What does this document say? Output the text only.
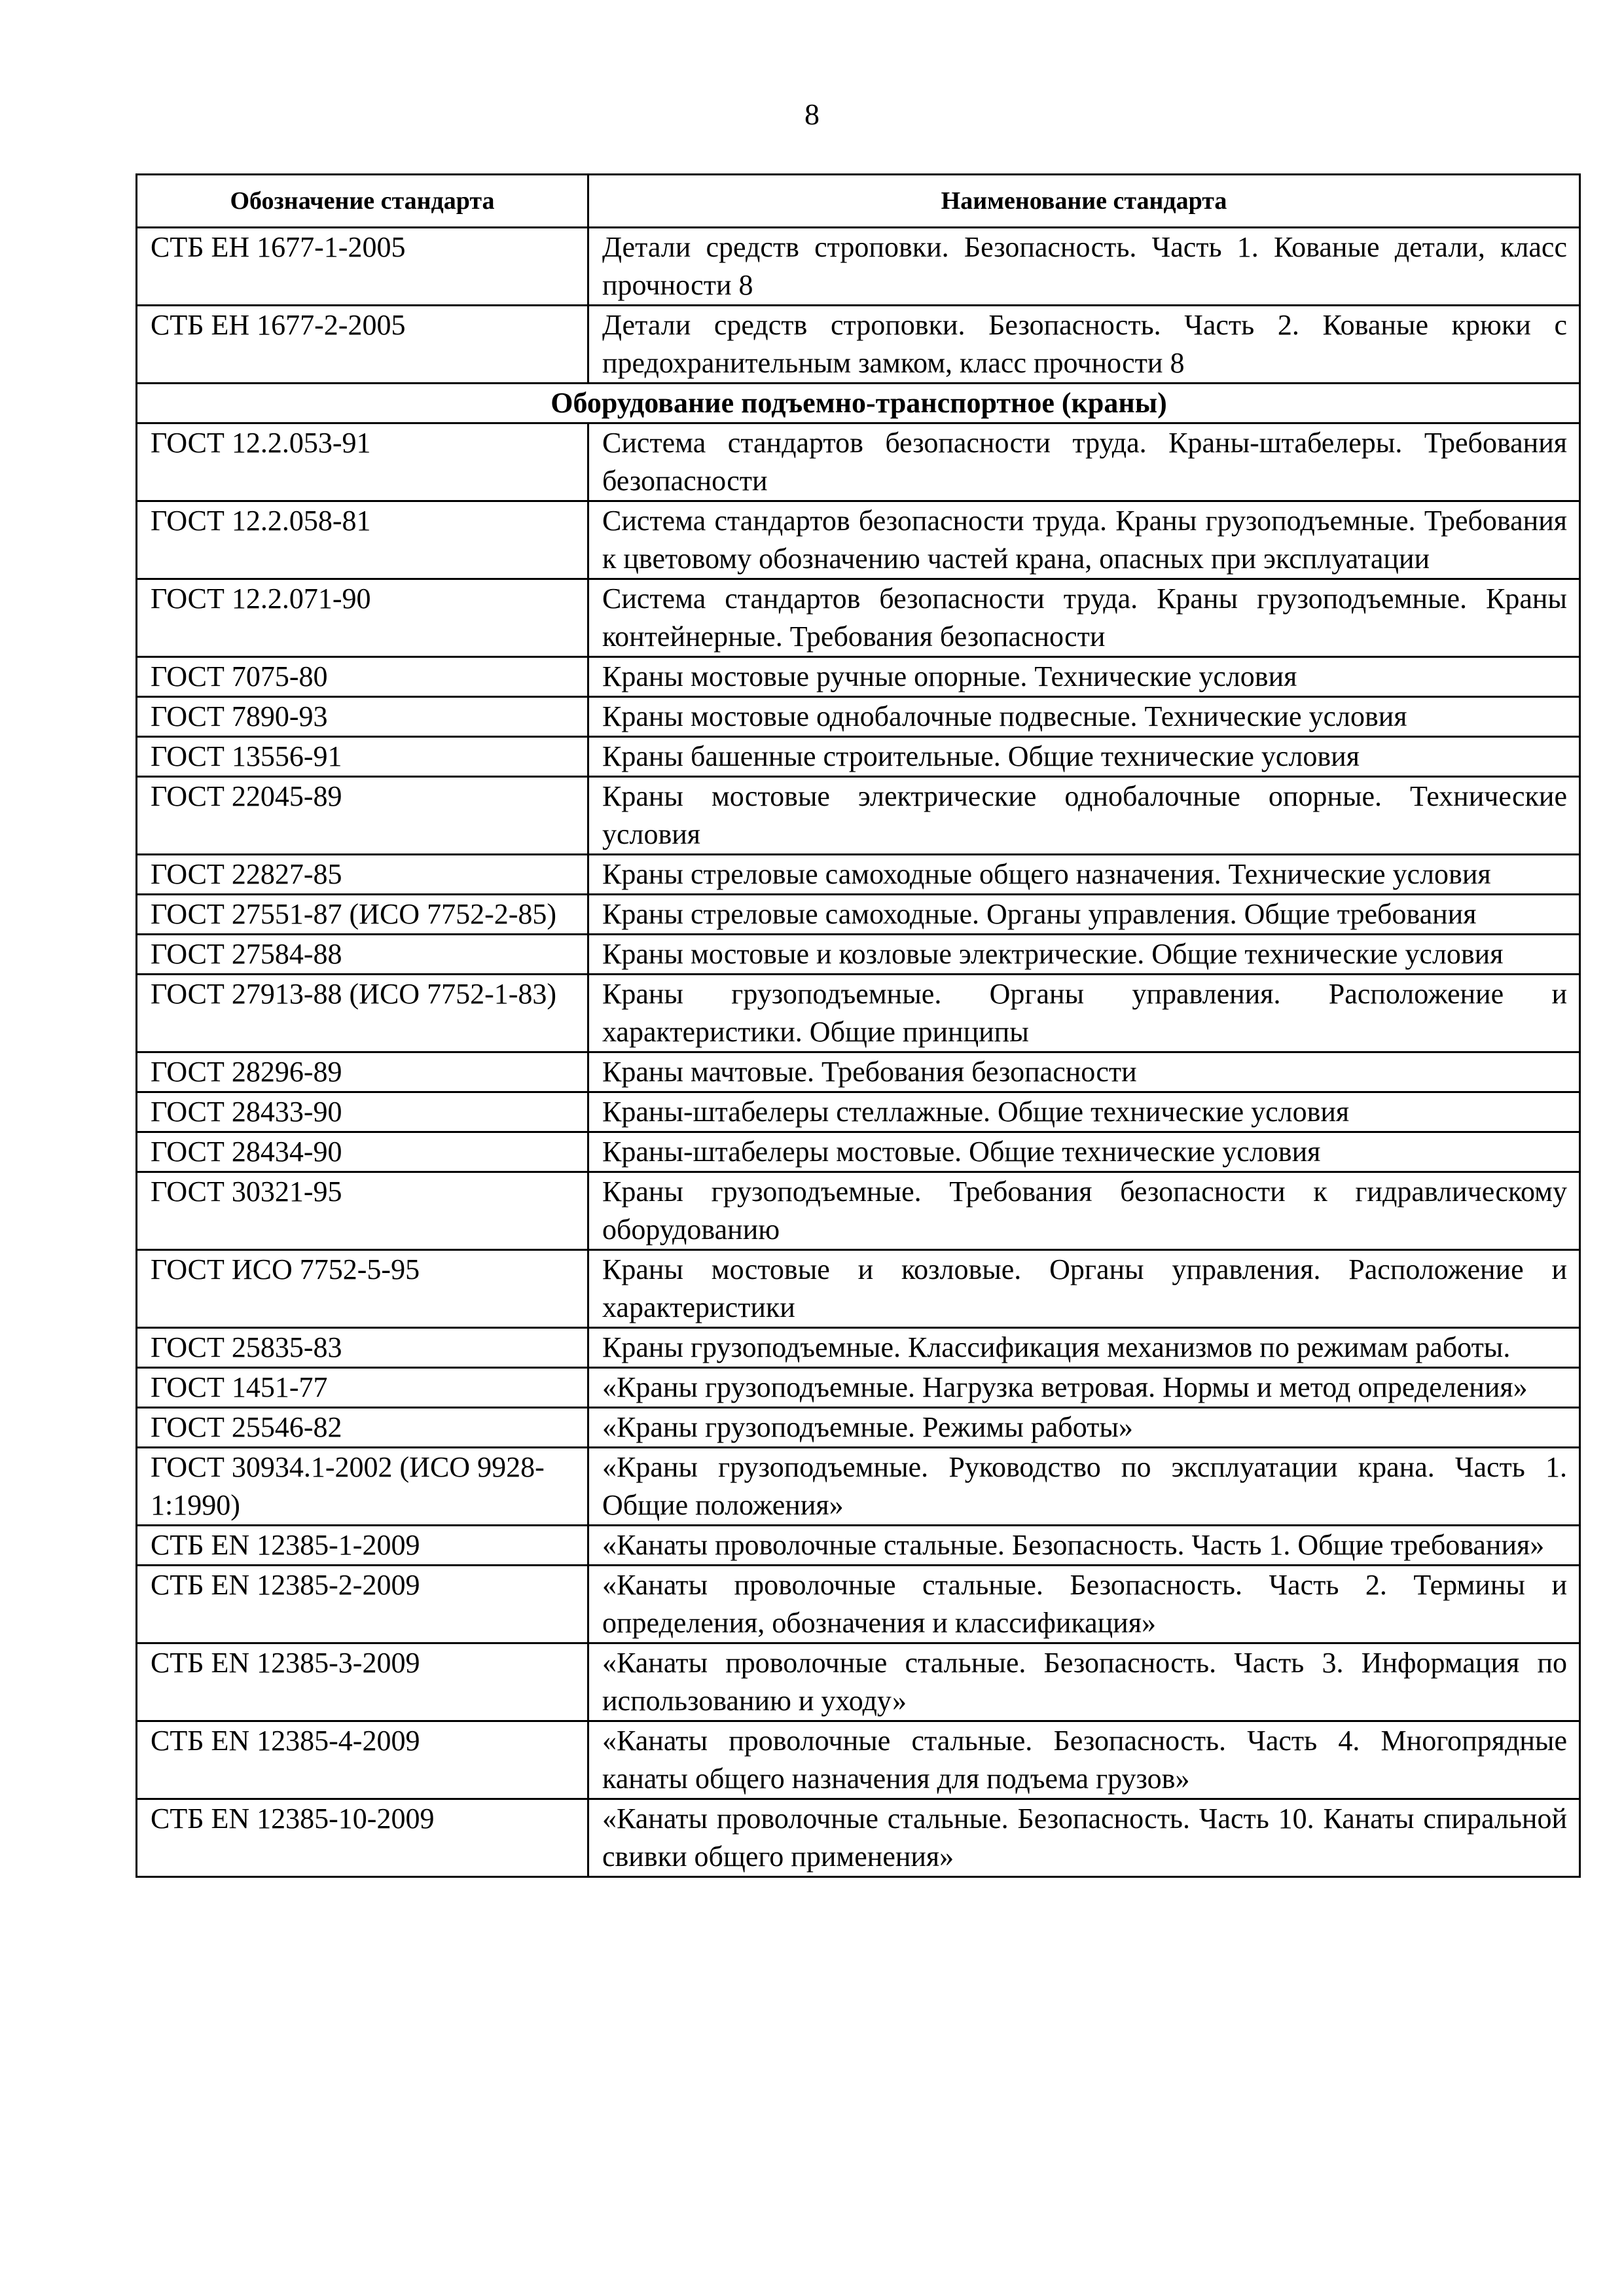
8
Обозначение стандарта	Наименование стандарта
СТБ ЕН 1677-1-2005	Детали средств строповки. Безопасность. Часть 1. Кованые детали, класс прочности 8
СТБ ЕН 1677-2-2005	Детали средств строповки. Безопасность. Часть 2. Кованые крюки с предохранительным замком, класс прочности 8
Оборудование подъемно-транспортное (краны)	
ГОСТ 12.2.053-91	Система стандартов безопасности труда. Краны-штабелеры. Требования безопасности
ГОСТ 12.2.058-81	Система стандартов безопасности труда. Краны грузоподъемные. Требования к цветовому обозначению частей крана, опасных при эксплуатации
ГОСТ 12.2.071-90	Система стандартов безопасности труда. Краны грузоподъемные. Краны контейнерные. Требования безопасности
ГОСТ 7075-80	Краны мостовые ручные опорные. Технические условия
ГОСТ 7890-93	Краны мостовые однобалочные подвесные. Технические условия
ГОСТ 13556-91	Краны башенные строительные. Общие технические условия
ГОСТ 22045-89	Краны мостовые электрические однобалочные опорные. Технические условия
ГОСТ 22827-85	Краны стреловые самоходные общего назначения. Технические условия
ГОСТ 27551-87 (ИСО 7752-2-85)	Краны стреловые самоходные. Органы управления. Общие требования
ГОСТ 27584-88	Краны мостовые и козловые электрические. Общие технические условия
ГОСТ 27913-88 (ИСО 7752-1-83)	Краны грузоподъемные. Органы управления. Расположение и характеристики. Общие принципы
ГОСТ 28296-89	Краны мачтовые. Требования безопасности
ГОСТ 28433-90	Краны-штабелеры стеллажные. Общие технические условия
ГОСТ 28434-90	Краны-штабелеры мостовые. Общие технические условия
ГОСТ 30321-95	Краны грузоподъемные. Требования безопасности к гидравлическому оборудованию
ГОСТ ИСО 7752-5-95	Краны мостовые и козловые. Органы управления. Расположение и характеристики
ГОСТ 25835-83	Краны грузоподъемные. Классификация механизмов по режимам работы.
ГОСТ 1451-77	«Краны грузоподъемные. Нагрузка ветровая. Нормы и метод определения»
ГОСТ 25546-82	«Краны грузоподъемные. Режимы работы»
ГОСТ 30934.1-2002 (ИСО 9928-1:1990)	«Краны грузоподъемные. Руководство по эксплуатации крана. Часть 1. Общие положения»
СТБ EN 12385-1-2009	«Канаты проволочные стальные. Безопасность. Часть 1. Общие требования»
СТБ EN 12385-2-2009	«Канаты проволочные стальные. Безопасность. Часть 2. Термины и определения, обозначения и классификация»
СТБ EN 12385-3-2009	«Канаты проволочные стальные. Безопасность. Часть 3. Информация по использованию и уходу»
СТБ EN 12385-4-2009	«Канаты проволочные стальные. Безопасность. Часть 4. Многопрядные канаты общего назначения для подъема грузов»
СТБ EN 12385-10-2009	«Канаты проволочные стальные. Безопасность. Часть 10. Канаты спиральной свивки общего применения»
